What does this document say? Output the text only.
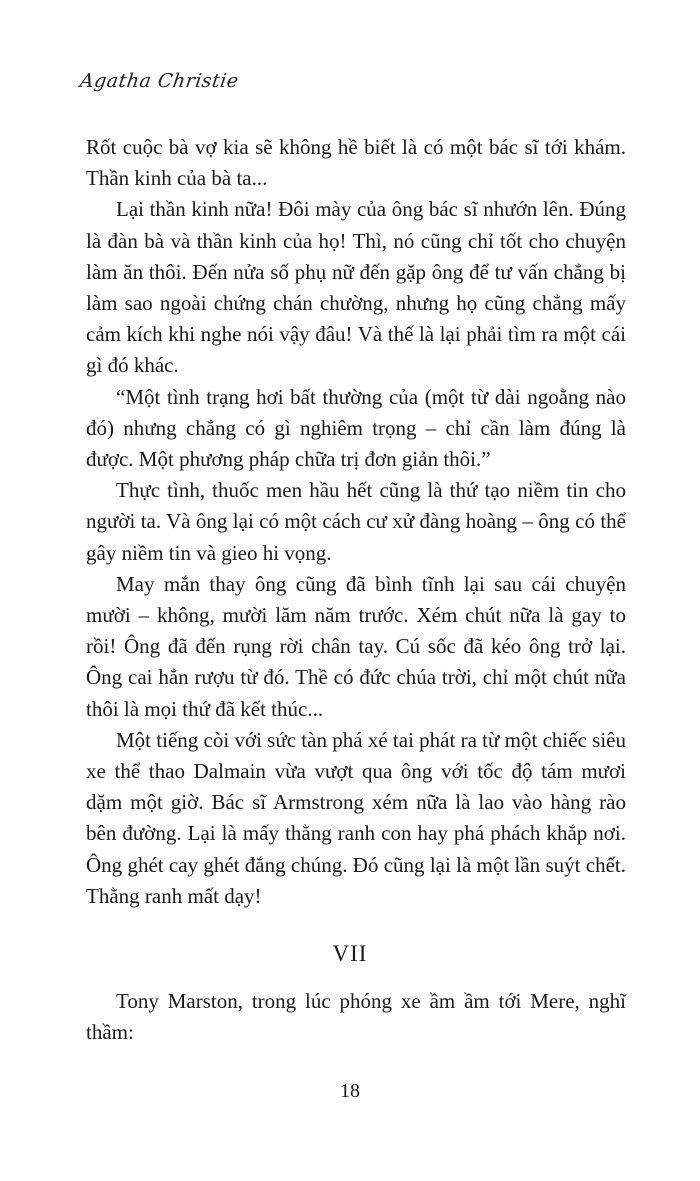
Agatha Christie

Rốt cuộc bà vợ kia sẽ không hề biết là có một bác sĩ tới khám. Thần kinh của bà ta...

Lại thần kinh nữa! Đôi mày của ông bác sĩ nhướn lên. Đúng là đàn bà và thần kinh của họ! Thì, nó cũng chỉ tốt cho chuyện làm ăn thôi. Đến nửa số phụ nữ đến gặp ông để tư vấn chẳng bị làm sao ngoài chứng chán chường, nhưng họ cũng chẳng mấy cảm kích khi nghe nói vậy đâu! Và thế là lại phải tìm ra một cái gì đó khác.

“Một tình trạng hơi bất thường của (một từ dài ngoằng nào đó) nhưng chẳng có gì nghiêm trọng – chỉ cần làm đúng là được. Một phương pháp chữa trị đơn giản thôi.”

Thực tình, thuốc men hầu hết cũng là thứ tạo niềm tin cho người ta. Và ông lại có một cách cư xử đàng hoàng – ông có thể gây niềm tin và gieo hi vọng.

May mắn thay ông cũng đã bình tĩnh lại sau cái chuyện mười – không, mười lăm năm trước. Xém chút nữa là gay to rồi! Ông đã đến rụng rời chân tay. Cú sốc đã kéo ông trở lại. Ông cai hẳn rượu từ đó. Thề có đức chúa trời, chỉ một chút nữa thôi là mọi thứ đã kết thúc...

Một tiếng còi với sức tàn phá xé tai phát ra từ một chiếc siêu xe thể thao Dalmain vừa vượt qua ông với tốc độ tám mươi dặm một giờ. Bác sĩ Armstrong xém nữa là lao vào hàng rào bên đường. Lại là mấy thằng ranh con hay phá phách khắp nơi. Ông ghét cay ghét đắng chúng. Đó cũng lại là một lần suýt chết. Thằng ranh mất dạy!

VII

Tony Marston, trong lúc phóng xe ầm ầm tới Mere, nghĩ thầm:

18
